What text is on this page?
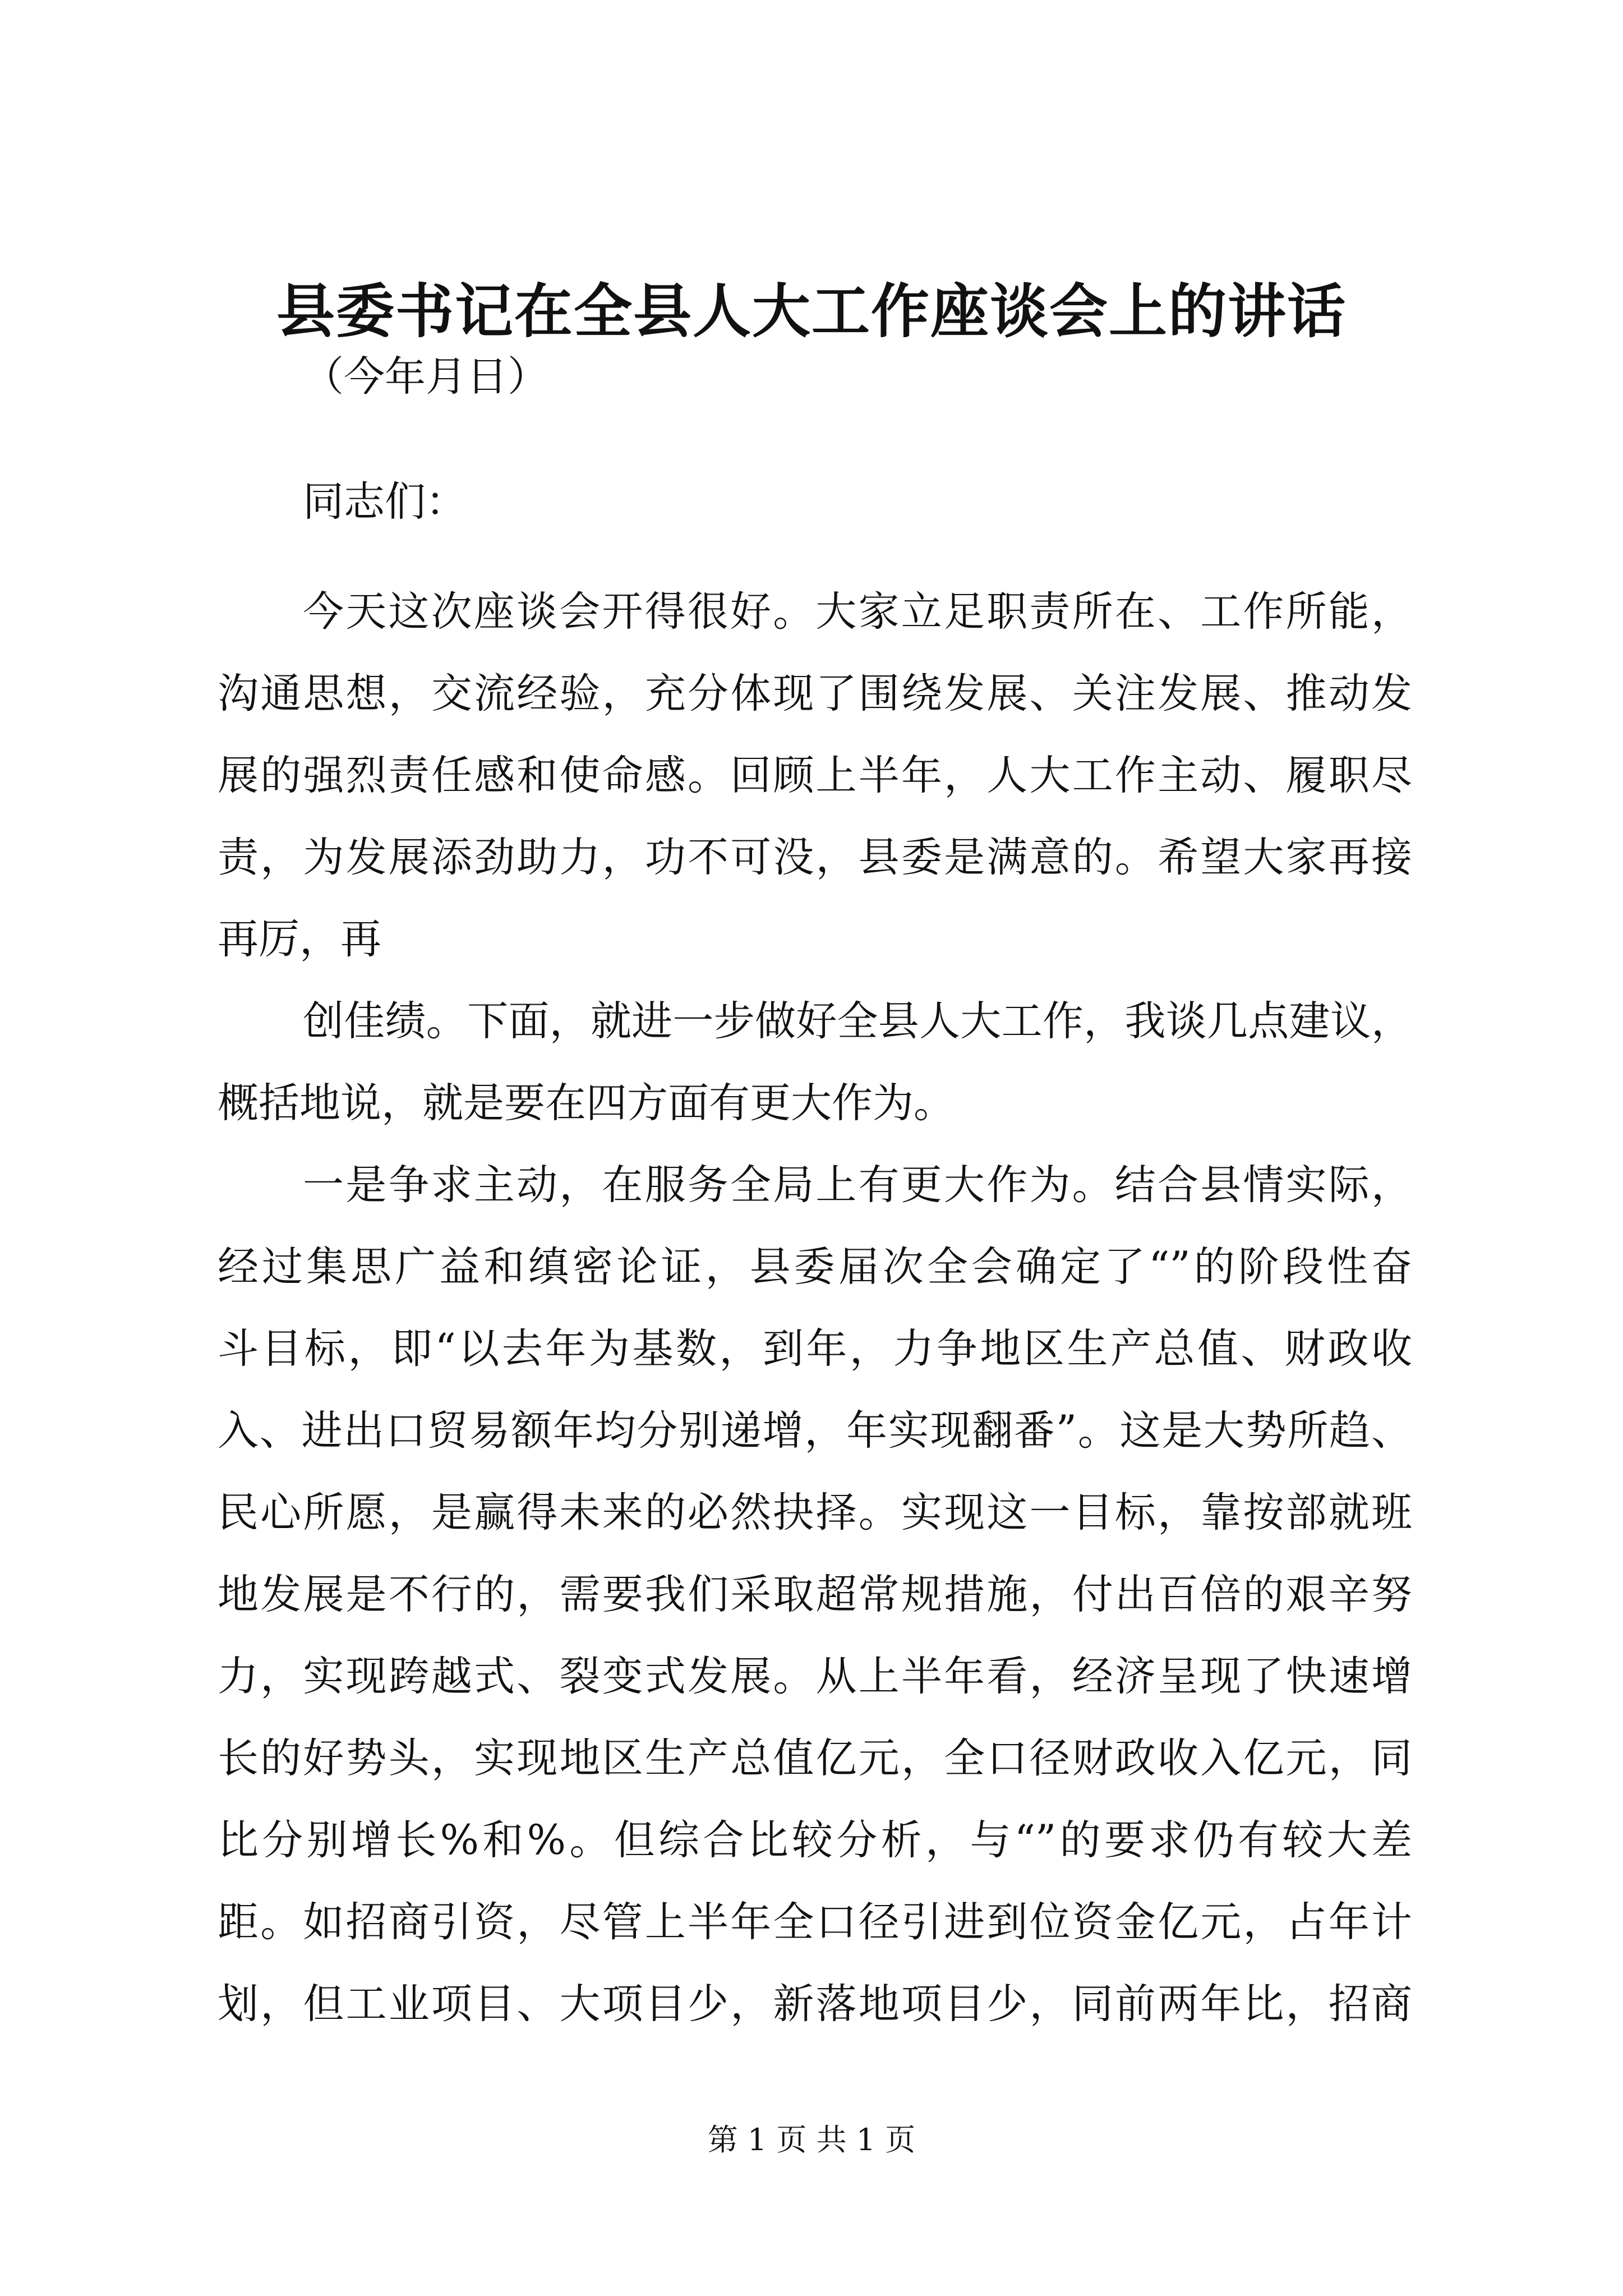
县委书记在全县人大工作座谈会上的讲话
（今年月日）
同志们：

今天这次座谈会开得很好。大家立足职责所在、工作所能，
沟通思想，交流经验，充分体现了围绕发展、关注发展、推动发
展的强烈责任感和使命感。回顾上半年，人大工作主动、履职尽
责，为发展添劲助力，功不可没，县委是满意的。希望大家再接
再厉，再

创佳绩。下面，就进一步做好全县人大工作，我谈几点建议，
概括地说，就是要在四方面有更大作为。

一是争求主动，在服务全局上有更大作为。结合县情实际，
经过集思广益和缜密论证，县委届次全会确定了“”的阶段性奋
斗目标，即“以去年为基数，到年，力争地区生产总值、财政收
入、进出口贸易额年均分别递增，年实现翻番”。这是大势所趋、
民心所愿，是赢得未来的必然抉择。实现这一目标，靠按部就班
地发展是不行的，需要我们采取超常规措施，付出百倍的艰辛努
力，实现跨越式、裂变式发展。从上半年看，经济呈现了快速增
长的好势头，实现地区生产总值亿元，全口径财政收入亿元，同
比分别增长%和%。但综合比较分析，与“”的要求仍有较大差
距。如招商引资，尽管上半年全口径引进到位资金亿元，占年计
划，但工业项目、大项目少，新落地项目少，同前两年比，招商

第 1 页 共 1 页
